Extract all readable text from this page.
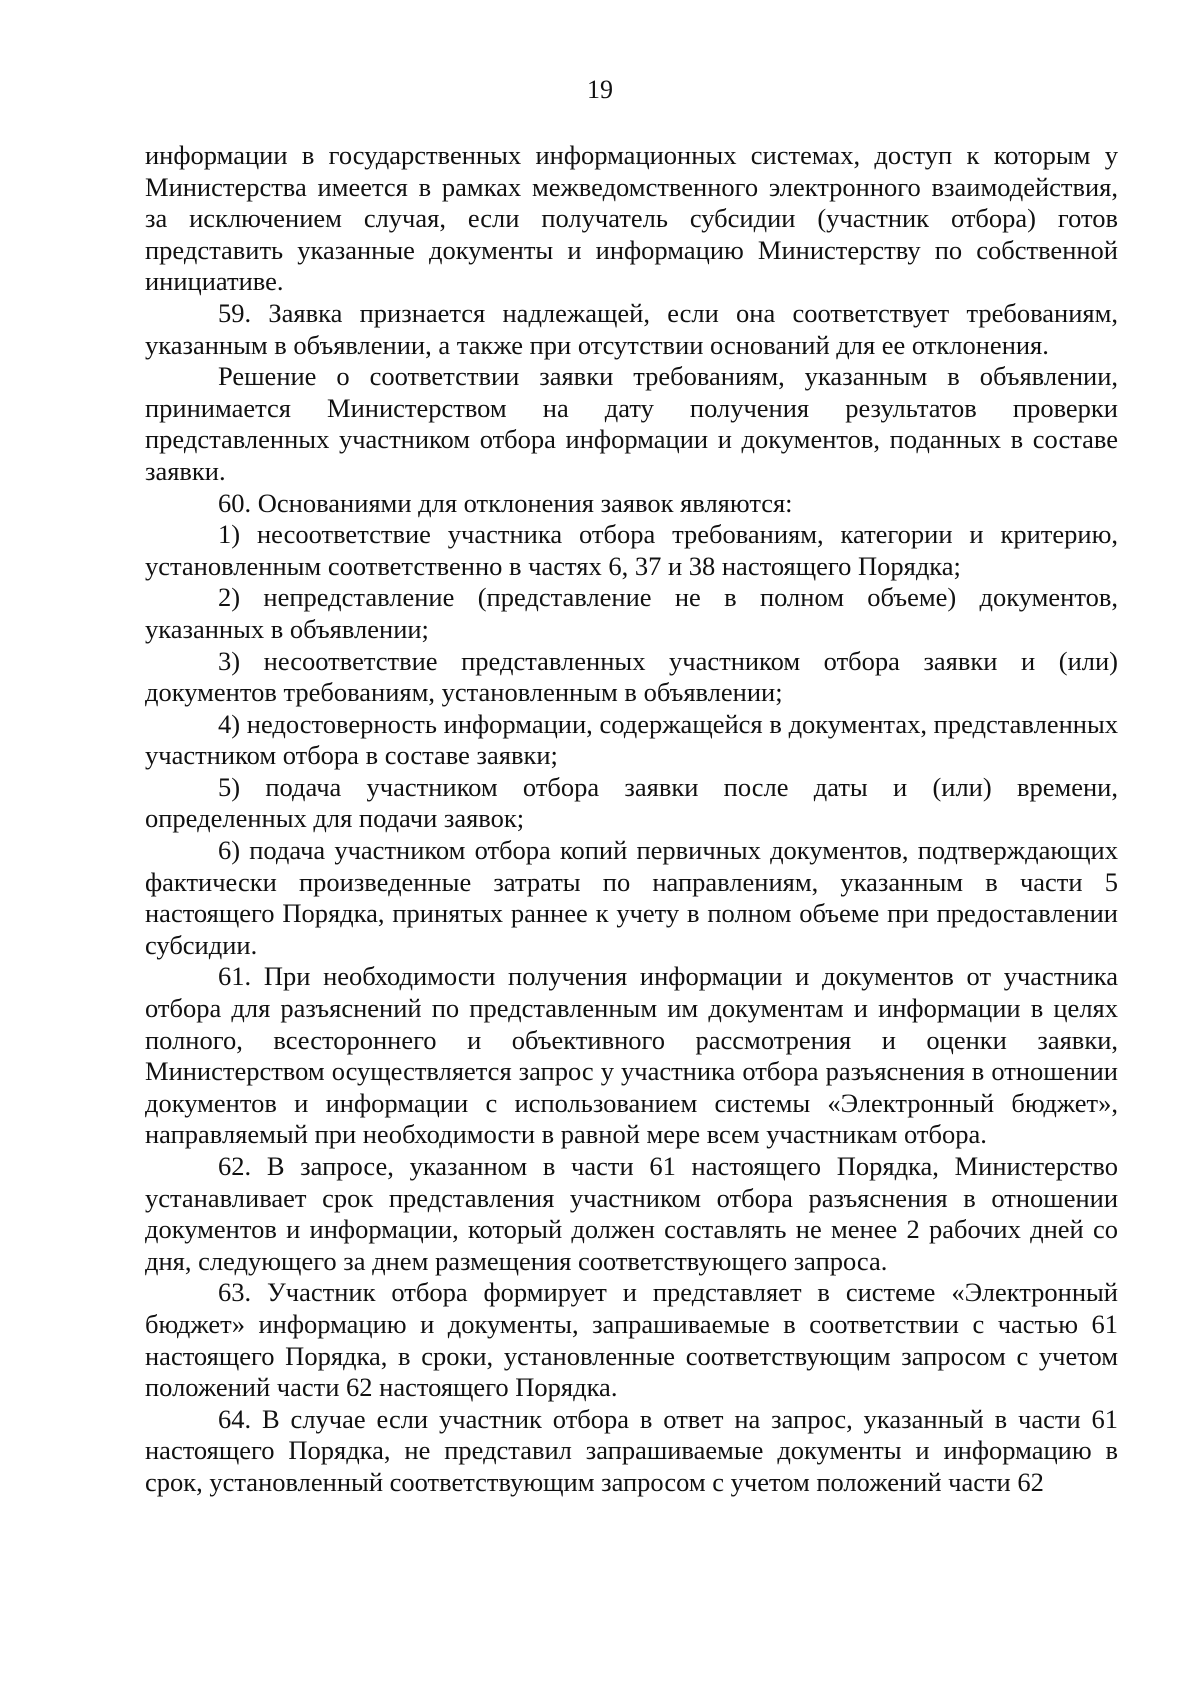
19

информации в государственных информационных системах, доступ к которым у Министерства имеется в рамках межведомственного электронного взаимодействия, за исключением случая, если получатель субсидии (участник отбора) готов представить указанные документы и информацию Министерству по собственной инициативе.

59. Заявка признается надлежащей, если она соответствует требованиям, указанным в объявлении, а также при отсутствии оснований для ее отклонения.

Решение о соответствии заявки требованиям, указанным в объявлении, принимается Министерством на дату получения результатов проверки представленных участником отбора информации и документов, поданных в составе заявки.

60. Основаниями для отклонения заявок являются:

1) несоответствие участника отбора требованиям, категории и критерию, установленным соответственно в частях 6, 37 и 38 настоящего Порядка;

2) непредставление (представление не в полном объеме) документов, указанных в объявлении;

3) несоответствие представленных участником отбора заявки и (или) документов требованиям, установленным в объявлении;

4) недостоверность информации, содержащейся в документах, представленных участником отбора в составе заявки;

5) подача участником отбора заявки после даты и (или) времени, определенных для подачи заявок;

6) подача участником отбора копий первичных документов, подтверждающих фактически произведенные затраты по направлениям, указанным в части 5 настоящего Порядка, принятых раннее к учету в полном объеме при предоставлении субсидии.

61. При необходимости получения информации и документов от участника отбора для разъяснений по представленным им документам и информации в целях полного, всестороннего и объективного рассмотрения и оценки заявки, Министерством осуществляется запрос у участника отбора разъяснения в отношении документов и информации с использованием системы «Электронный бюджет», направляемый при необходимости в равной мере всем участникам отбора.

62. В запросе, указанном в части 61 настоящего Порядка, Министерство устанавливает срок представления участником отбора разъяснения в отношении документов и информации, который должен составлять не менее 2 рабочих дней со дня, следующего за днем размещения соответствующего запроса.

63. Участник отбора формирует и представляет в системе «Электронный бюджет» информацию и документы, запрашиваемые в соответствии с частью 61 настоящего Порядка, в сроки, установленные соответствующим запросом с учетом положений части 62 настоящего Порядка.

64. В случае если участник отбора в ответ на запрос, указанный в части 61 настоящего Порядка, не представил запрашиваемые документы и информацию в срок, установленный соответствующим запросом с учетом положений части 62
